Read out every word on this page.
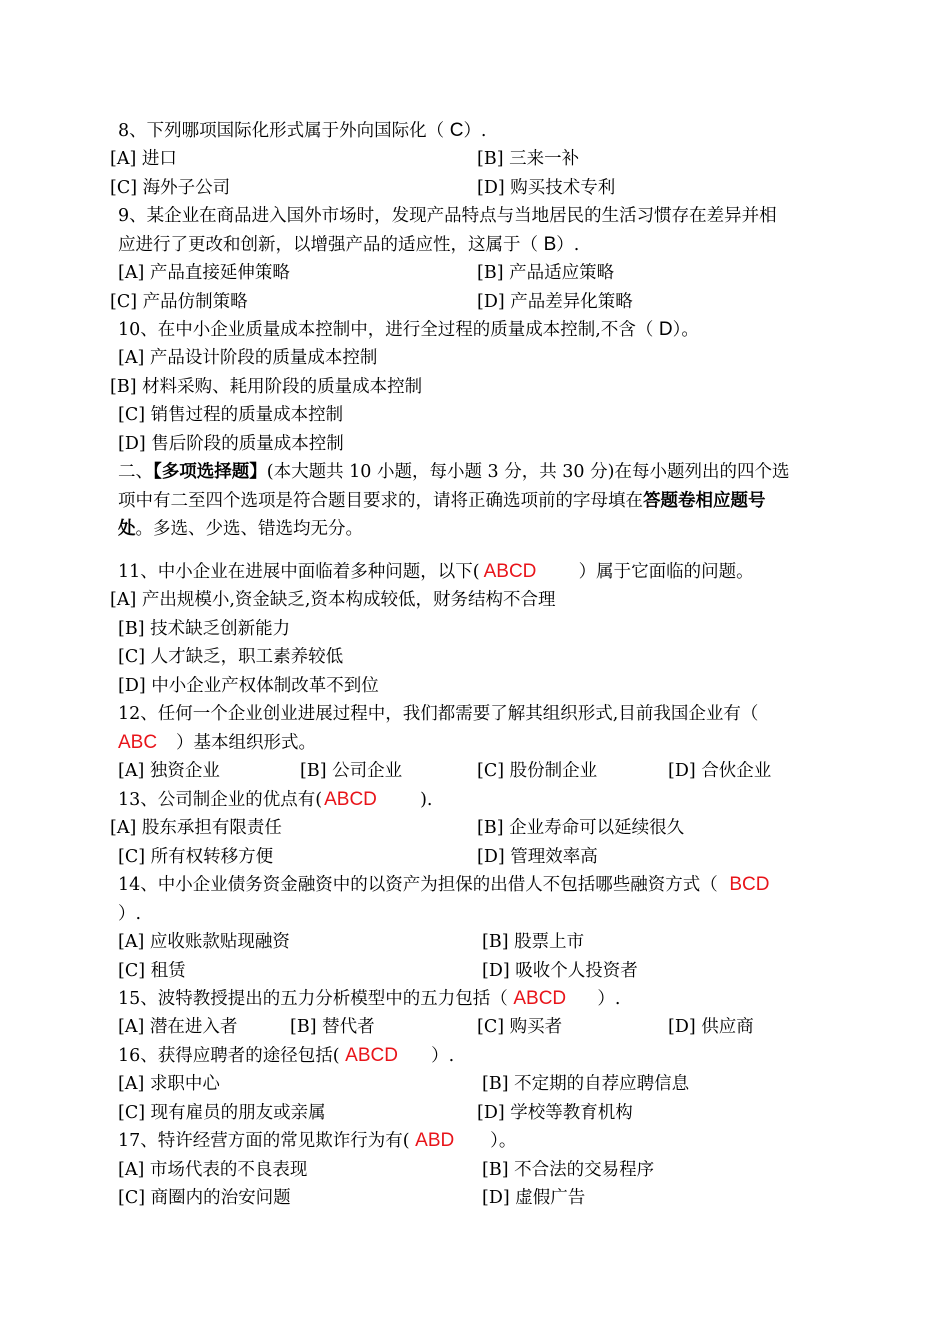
8、下列哪项国际化形式属于外向国际化（ C）.
[A] 进口	[B] 三来一补
[C] 海外子公司	[D] 购买技术专利
9、某企业在商品进入国外市场时，发现产品特点与当地居民的生活习惯存在差异并相
应进行了更改和创新，以增强产品的适应性，这属于（ B）.
[A] 产品直接延伸策略	[B] 产品适应策略
[C] 产品仿制策略	[D] 产品差异化策略
10、在中小企业质量成本控制中，进行全过程的质量成本控制,不含（ D）。
[A] 产品设计阶段的质量成本控制
[B] 材料采购、耗用阶段的质量成本控制
[C] 销售过程的质量成本控制
[D] 售后阶段的质量成本控制
二、【多项选择题】(本大题共 10 小题，每小题 3 分，共 30 分)在每小题列出的四个选
项中有二至四个选项是符合题目要求的，请将正确选项前的字母填在答题卷相应题号
处。多选、少选、错选均无分。
11、中小企业在进展中面临着多种问题，以下( ABCD ）属于它面临的问题。
[A] 产出规模小,资金缺乏,资本构成较低，财务结构不合理
[B] 技术缺乏创新能力
[C] 人才缺乏，职工素养较低
[D] 中小企业产权体制改革不到位
12、任何一个企业创业进展过程中，我们都需要了解其组织形式,目前我国企业有（
ABC ）基本组织形式。
[A] 独资企业	[B] 公司企业	[C] 股份制企业	[D] 合伙企业
13、公司制企业的优点有( ABCD ).
[A] 股东承担有限责任	[B] 企业寿命可以延续很久
[C] 所有权转移方便	[D] 管理效率高
14、中小企业债务资金融资中的以资产为担保的出借人不包括哪些融资方式（ BCD
）.
[A] 应收账款贴现融资	[B] 股票上市
[C] 租赁	[D] 吸收个人投资者
15、波特教授提出的五力分析模型中的五力包括（ ABCD ）.
[A] 潜在进入者	[B] 替代者	[C] 购买者	[D] 供应商
16、获得应聘者的途径包括( ABCD ）.
[A] 求职中心	[B] 不定期的自荐应聘信息
[C] 现有雇员的朋友或亲属	[D] 学校等教育机构
17、特许经营方面的常见欺诈行为有( ABD ）。
[A] 市场代表的不良表现	[B] 不合法的交易程序
[C] 商圈内的治安问题	[D] 虚假广告
